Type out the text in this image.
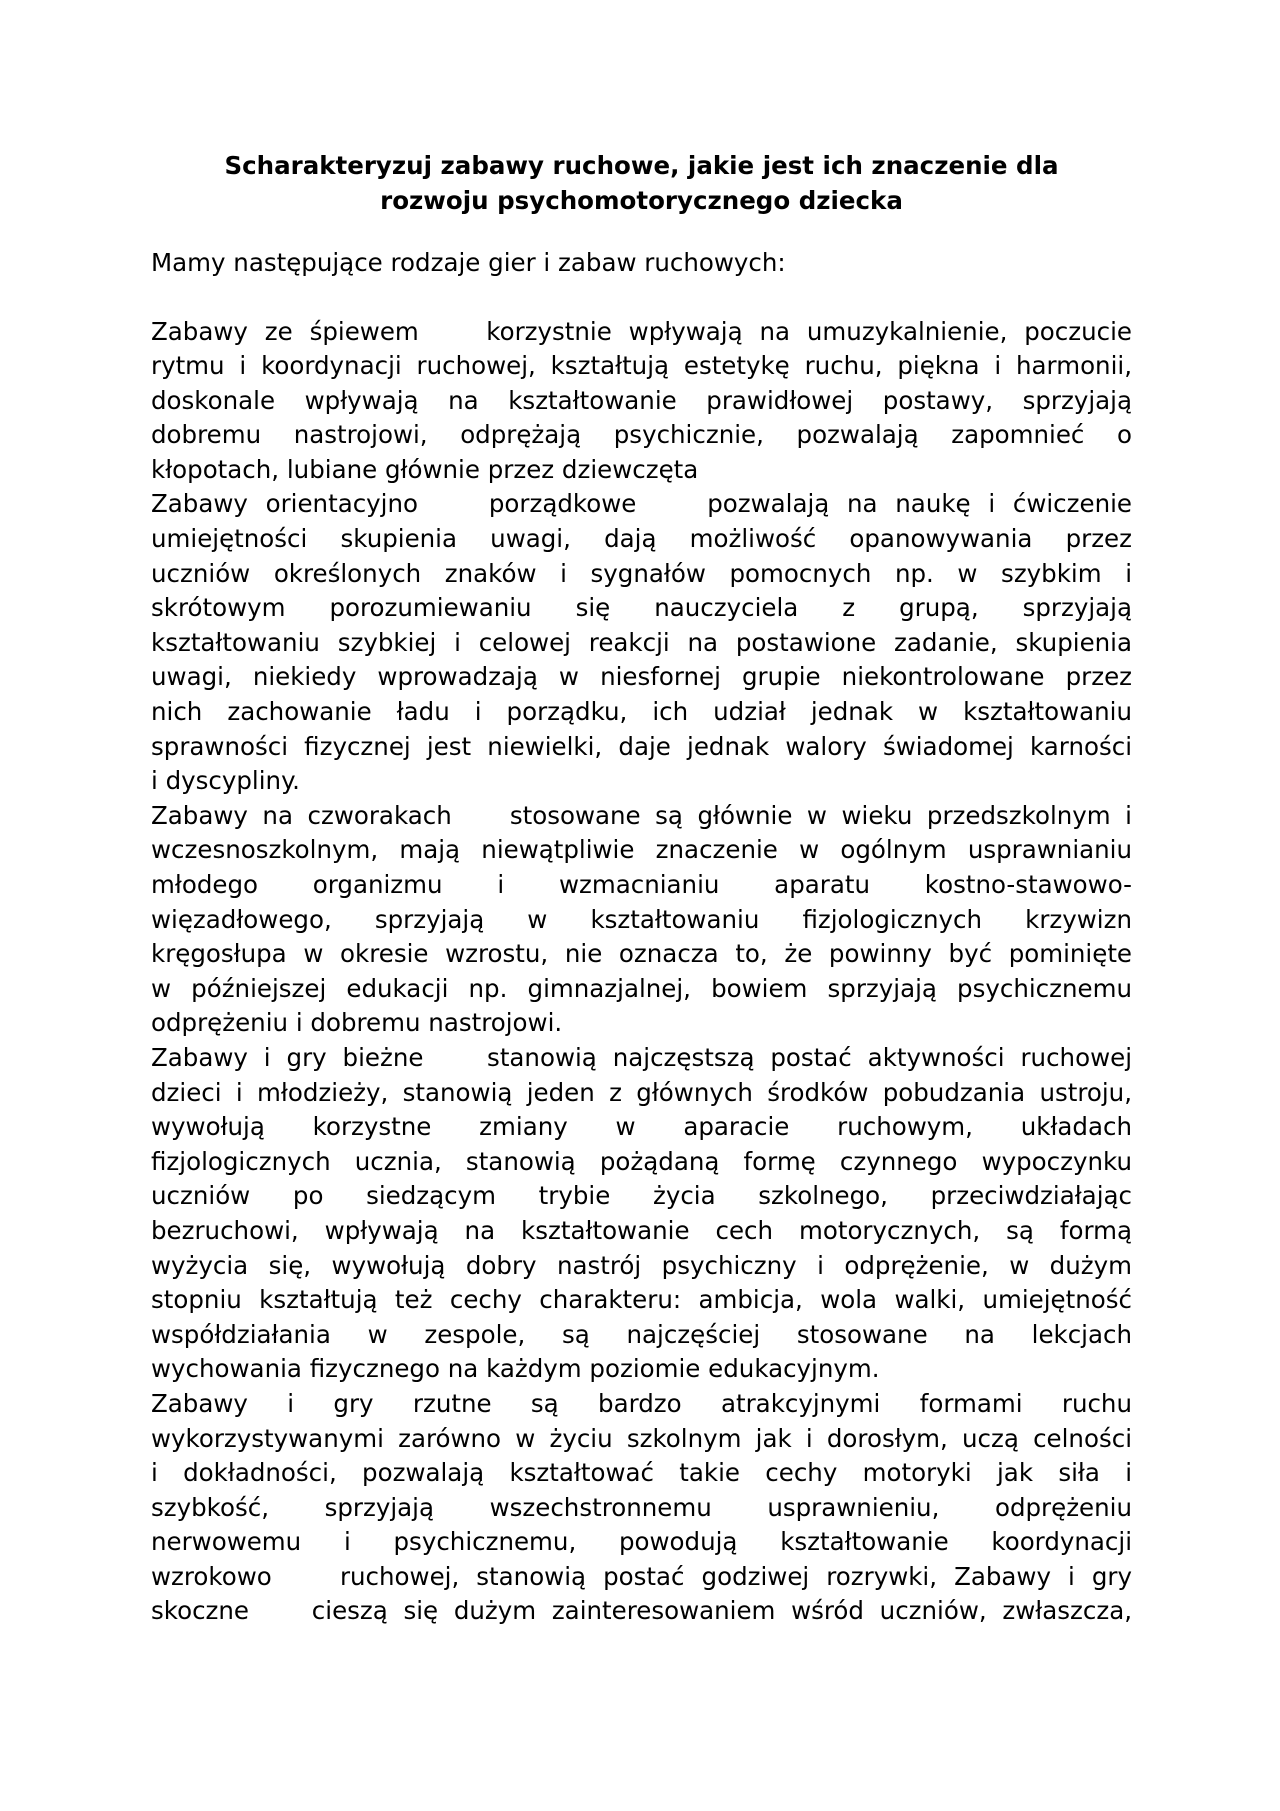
Scharakteryzuj zabawy ruchowe, jakie jest ich znaczenie dla
rozwoju psychomotorycznego dziecka

Mamy następujące rodzaje gier i zabaw ruchowych:

Zabawy ze śpiewem    korzystnie wpływają na umuzykalnienie, poczucie
rytmu i koordynacji ruchowej, kształtują estetykę ruchu, piękna i harmonii,
doskonale wpływają na kształtowanie prawidłowej postawy, sprzyjają
dobremu nastrojowi, odprężają psychicznie, pozwalają zapomnieć o
kłopotach, lubiane głównie przez dziewczęta
Zabawy orientacyjno    porządkowe    pozwalają na naukę i ćwiczenie
umiejętności skupienia uwagi, dają możliwość opanowywania przez
uczniów określonych znaków i sygnałów pomocnych np. w szybkim i
skrótowym porozumiewaniu się nauczyciela z grupą, sprzyjają
kształtowaniu szybkiej i celowej reakcji na postawione zadanie, skupienia
uwagi, niekiedy wprowadzają w niesfornej grupie niekontrolowane przez
nich zachowanie ładu i porządku, ich udział jednak w kształtowaniu
sprawności fizycznej jest niewielki, daje jednak walory świadomej karności
i dyscypliny.
Zabawy na czworakach    stosowane są głównie w wieku przedszkolnym i
wczesnoszkolnym, mają niewątpliwie znaczenie w ogólnym usprawnianiu
młodego organizmu i wzmacnianiu aparatu kostno-stawowo-
więzadłowego, sprzyjają w kształtowaniu fizjologicznych krzywizn
kręgosłupa w okresie wzrostu, nie oznacza to, że powinny być pominięte
w późniejszej edukacji np. gimnazjalnej, bowiem sprzyjają psychicznemu
odprężeniu i dobremu nastrojowi.
Zabawy i gry bieżne    stanowią najczęstszą postać aktywności ruchowej
dzieci i młodzieży, stanowią jeden z głównych środków pobudzania ustroju,
wywołują korzystne zmiany w aparacie ruchowym, układach
fizjologicznych ucznia, stanowią pożądaną formę czynnego wypoczynku
uczniów po siedzącym trybie życia szkolnego, przeciwdziałając
bezruchowi, wpływają na kształtowanie cech motorycznych, są formą
wyżycia się, wywołują dobry nastrój psychiczny i odprężenie, w dużym
stopniu kształtują też cechy charakteru: ambicja, wola walki, umiejętność
współdziałania w zespole, są najczęściej stosowane na lekcjach
wychowania fizycznego na każdym poziomie edukacyjnym.
Zabawy i gry rzutne są bardzo atrakcyjnymi formami ruchu
wykorzystywanymi zarówno w życiu szkolnym jak i dorosłym, uczą celności
i dokładności, pozwalają kształtować takie cechy motoryki jak siła i
szybkość, sprzyjają wszechstronnemu usprawnieniu, odprężeniu
nerwowemu i psychicznemu, powodują kształtowanie koordynacji
wzrokowo    ruchowej, stanowią postać godziwej rozrywki, Zabawy i gry
skoczne    cieszą się dużym zainteresowaniem wśród uczniów, zwłaszcza,
